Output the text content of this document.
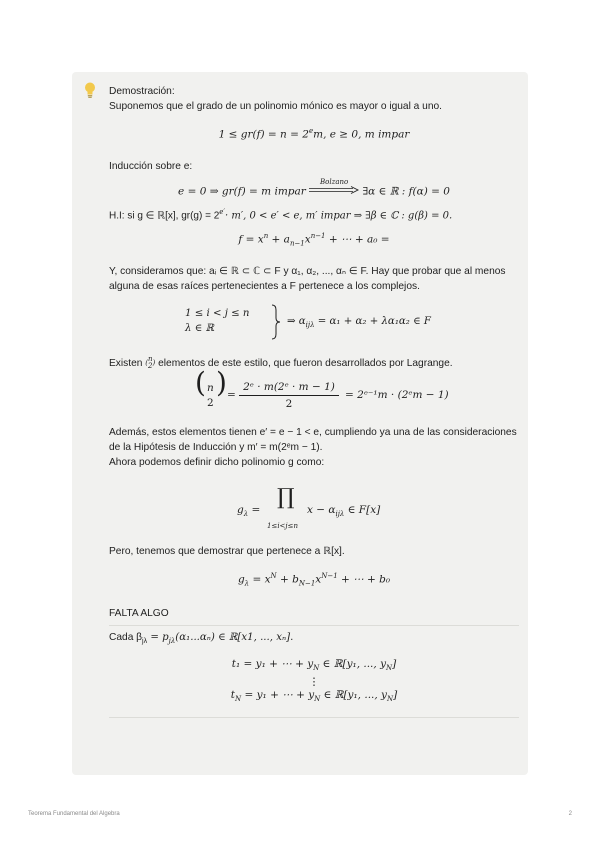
Demostración:

Suponemos que el grado de un polinomio mónico es mayor o igual a uno.

$1 \le gr(f) = n = 2^em$, e ≥ 0, m impar

Inducción sobre e:

e = 0 ⇒ gr(f) = m impar
Bolzano
∃α ∈ ℝ : f(α) = 0

H.I: si g ∈ ℝ[x], $gr(g) = 2^{e'}\cdot m'$, 0 < e′ < e, m′ impar ⇒ ∃β ∈ ℂ : g(β) = 0.

$f = x^n + a_{n-1}x^{n-1}$ + ⋯ + a₀ =

Y, consideramos que: aᵢ ∈ ℝ ⊂ ℂ ⊂ F y α₁, α₂, ..., αₙ ∈ F. Hay que probar que al menos alguna de esas raíces pertenecientes a F pertenece a los complejos.

1 ≤ i < j ≤ n
λ ∈ ℝ
⇒ $\alpha_{ij\lambda} = \alpha_1 + \alpha_2 + \lambda\alpha_1\alpha_2$ ∈ F

Existen ( n
2 ) elementos de este estilo, que fueron desarrollados por Lagrange.

( n
2
) =
2ᵉ · m(2ᵉ · m − 1)
2
= 2ᵉ⁻¹m · (2ᵉm − 1)

Además, estos elementos tienen e′ = e − 1 < e, cumpliendo ya una de las consideraciones de la Hipótesis de Inducción y m′ = m(2ᵉm − 1).

Ahora podemos definir dicho polinomio g como:

$g_\lambda$ = ∏
1≤i<j≤n
$x - \alpha_{ij\lambda}$ ∈ F[x]

Pero, tenemos que demostrar que pertenece a ℝ[x].

$g_\lambda = x^N + b_{N-1}x^{N-1}$ + ⋯ + b₀

FALTA ALGO

Cada $\beta_{j\lambda} = p_{j\lambda}(\alpha_1...\alpha_n)$ ∈ ℝ[x1, ..., xₙ].

t₁ = y₁ + ⋯ + $y_N$ ∈ ℝ[y₁, ..., $y_N$]
⋮
$t_N = y_1$ + ⋯ + $y_N$ ∈ ℝ[y₁, ..., $y_N$]
Teorema Fundamental del Algebra	2
